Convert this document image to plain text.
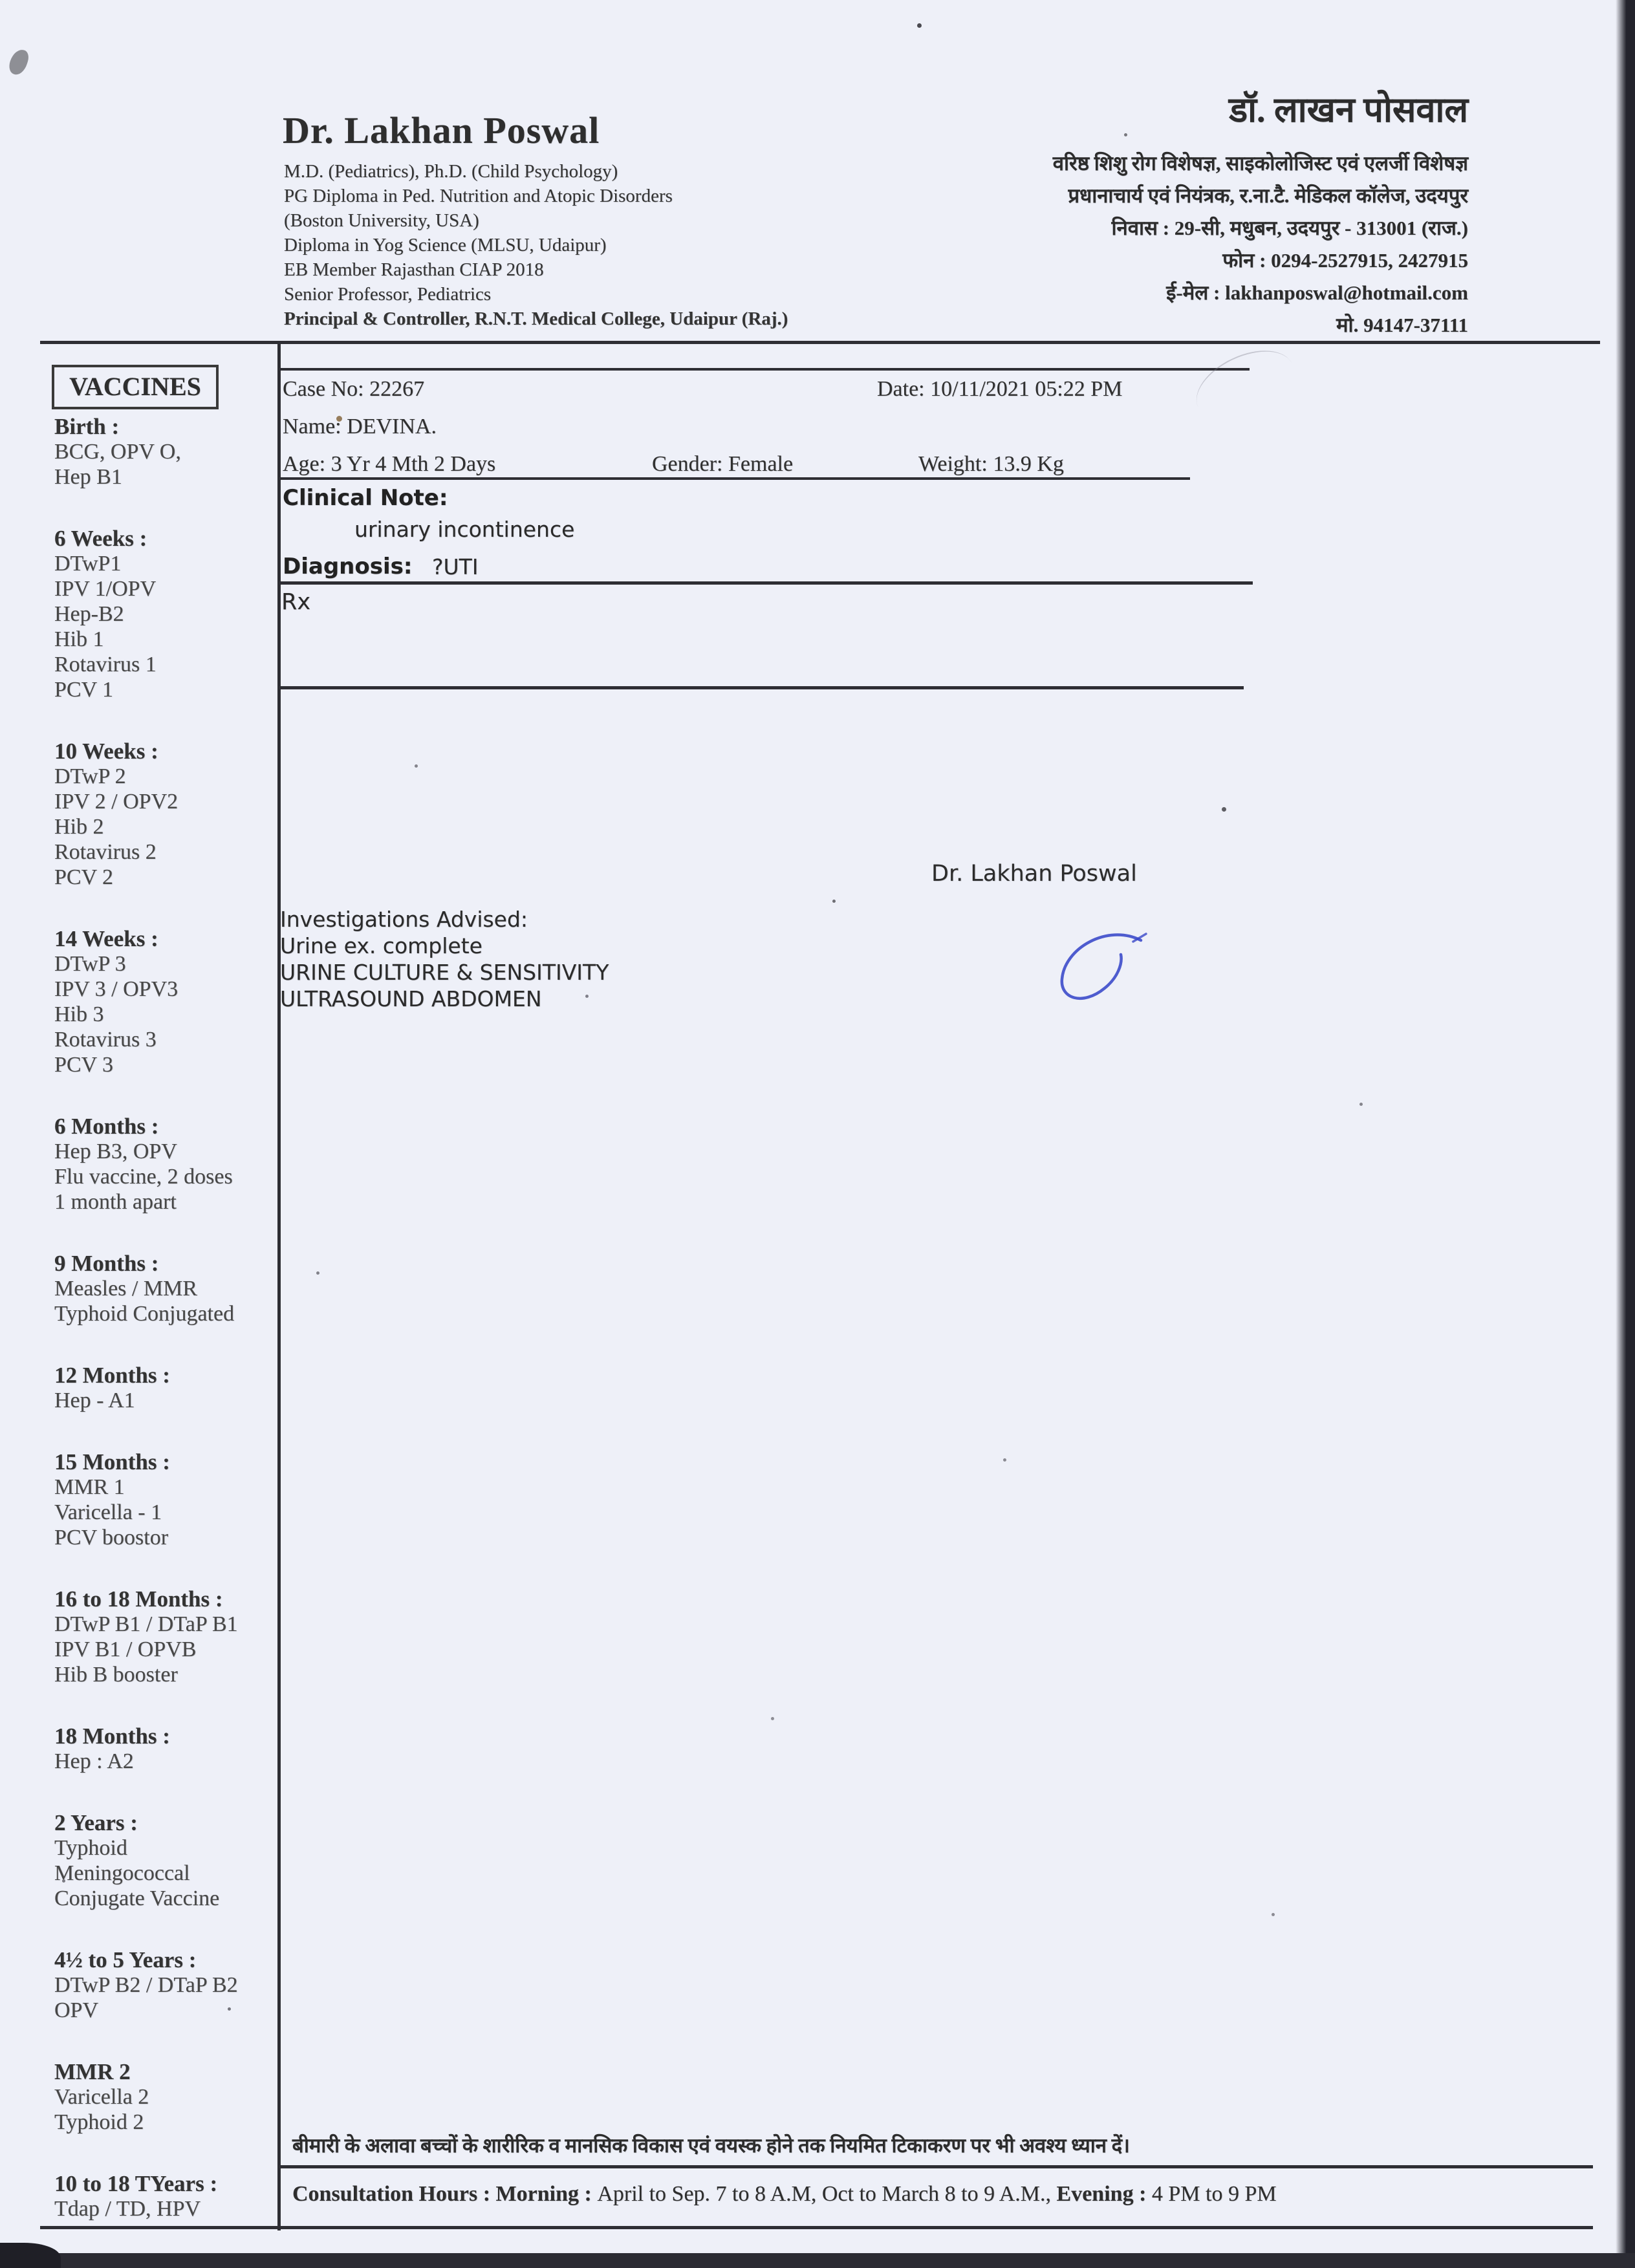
Dr. Lakhan Poswal
M.D. (Pediatrics), Ph.D. (Child Psychology)
PG Diploma in Ped. Nutrition and Atopic Disorders
(Boston University, USA)
Diploma in Yog Science (MLSU, Udaipur)
EB Member Rajasthan CIAP 2018
Senior Professor, Pediatrics
Principal & Controller, R.N.T. Medical College, Udaipur (Raj.)
डॉ. लाखन पोसवाल
वरिष्ठ शिशु रोग विशेषज्ञ, साइकोलोजिस्ट एवं एलर्जी विशेषज्ञ
प्रधानाचार्य एवं नियंत्रक, र.ना.टै. मेडिकल कॉलेज, उदयपुर
निवास : 29-सी, मधुबन, उदयपुर - 313001 (राज.)
फोन : 0294-2527915, 2427915
ई-मेल : lakhanposwal@hotmail.com
मो. 94147-37111
VACCINES
Birth :
BCG, OPV O,
Hep B1
6 Weeks :
DTwP1
IPV 1/OPV
Hep-B2
Hib 1
Rotavirus 1
PCV 1
10 Weeks :
DTwP 2
IPV 2 / OPV2
Hib 2
Rotavirus 2
PCV 2
14 Weeks :
DTwP 3
IPV 3 / OPV3
Hib 3
Rotavirus 3
PCV 3
6 Months :
Hep B3, OPV
Flu vaccine, 2 doses
1 month apart
9 Months :
Measles / MMR
Typhoid Conjugated
12 Months :
Hep - A1
15 Months :
MMR 1
Varicella - 1
PCV boostor
16 to 18 Months :
DTwP B1 / DTaP B1
IPV B1 / OPVB
Hib B booster
18 Months :
Hep : A2
2 Years :
Typhoid
Meningococcal
Conjugate Vaccine
4½ to 5 Years :
DTwP B2 / DTaP B2
OPV
MMR 2
Varicella 2
Typhoid 2
10 to 18 TYears :
Tdap / TD, HPV
Case No: 22267	Date: 10/11/2021 05:22 PM
Name: DEVINA.
Age: 3 Yr 4 Mth 2 Days	Gender: Female	Weight: 13.9 Kg
Clinical Note:
urinary incontinence
Diagnosis: ?UTI
Rx
Dr. Lakhan Poswal
Investigations Advised:
Urine ex. complete
URINE CULTURE & SENSITIVITY
ULTRASOUND ABDOMEN
बीमारी के अलावा बच्चों के शारीरिक व मानसिक विकास एवं वयस्क होने तक नियमित टिकाकरण पर भी अवश्य ध्यान दें।
Consultation Hours : Morning : April to Sep. 7 to 8 A.M, Oct to March 8 to 9 A.M., Evening : 4 PM to 9 PM
